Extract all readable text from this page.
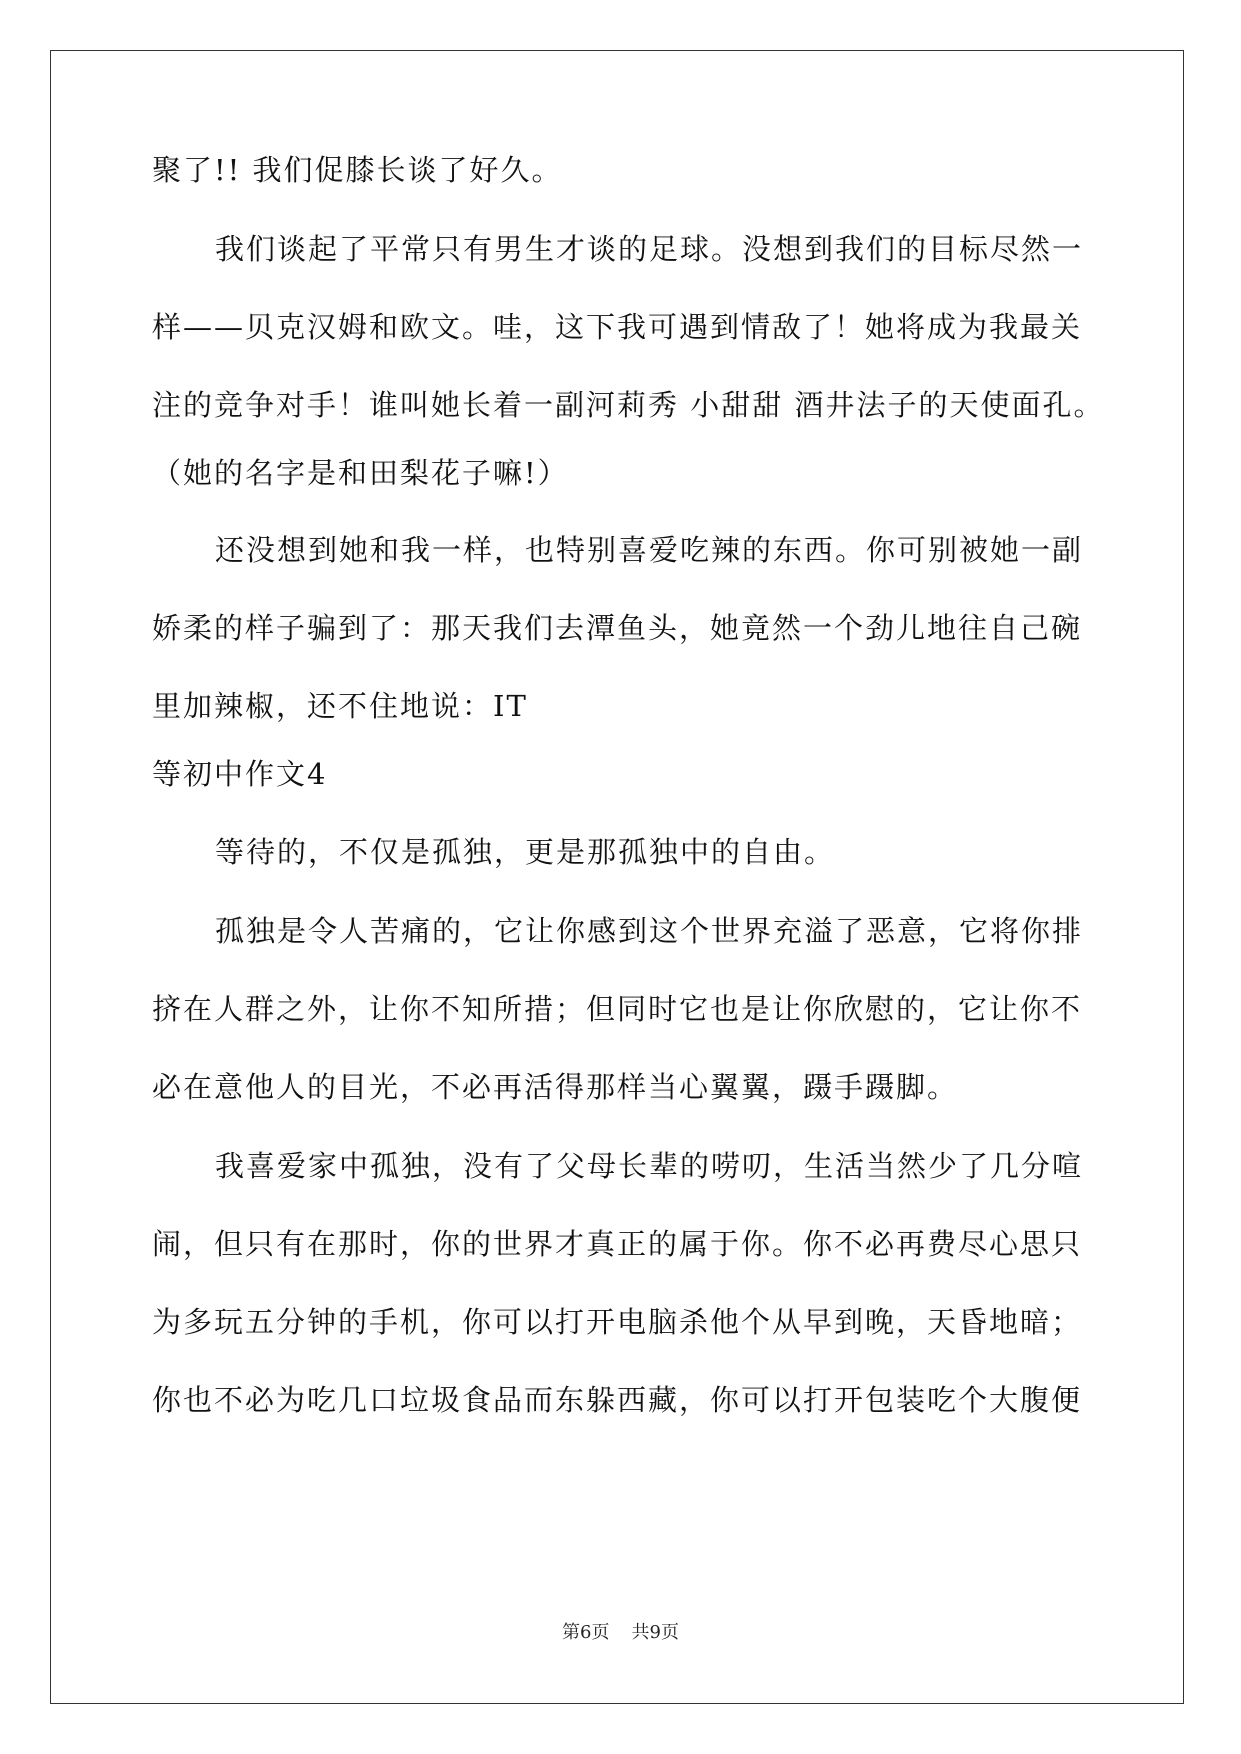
聚了!! 我们促膝长谈了好久。
我们谈起了平常只有男生才谈的足球。没想到我们的目标尽然一
样——贝克汉姆和欧文。哇，这下我可遇到情敌了！她将成为我最关
注的竞争对手！谁叫她长着一副河莉秀 小甜甜 酒井法子的天使面孔。
（她的名字是和田梨花子嘛!）
还没想到她和我一样，也特别喜爱吃辣的东西。你可别被她一副
娇柔的样子骗到了：那天我们去潭鱼头，她竟然一个劲儿地往自己碗
里加辣椒，还不住地说：IT
等初中作文4
等待的，不仅是孤独，更是那孤独中的自由。
孤独是令人苦痛的，它让你感到这个世界充溢了恶意，它将你排
挤在人群之外，让你不知所措；但同时它也是让你欣慰的，它让你不
必在意他人的目光，不必再活得那样当心翼翼，蹑手蹑脚。
我喜爱家中孤独，没有了父母长辈的唠叨，生活当然少了几分喧
闹，但只有在那时，你的世界才真正的属于你。你不必再费尽心思只
为多玩五分钟的手机，你可以打开电脑杀他个从早到晚，天昏地暗；
你也不必为吃几口垃圾食品而东躲西藏，你可以打开包装吃个大腹便
第6页 共9页
